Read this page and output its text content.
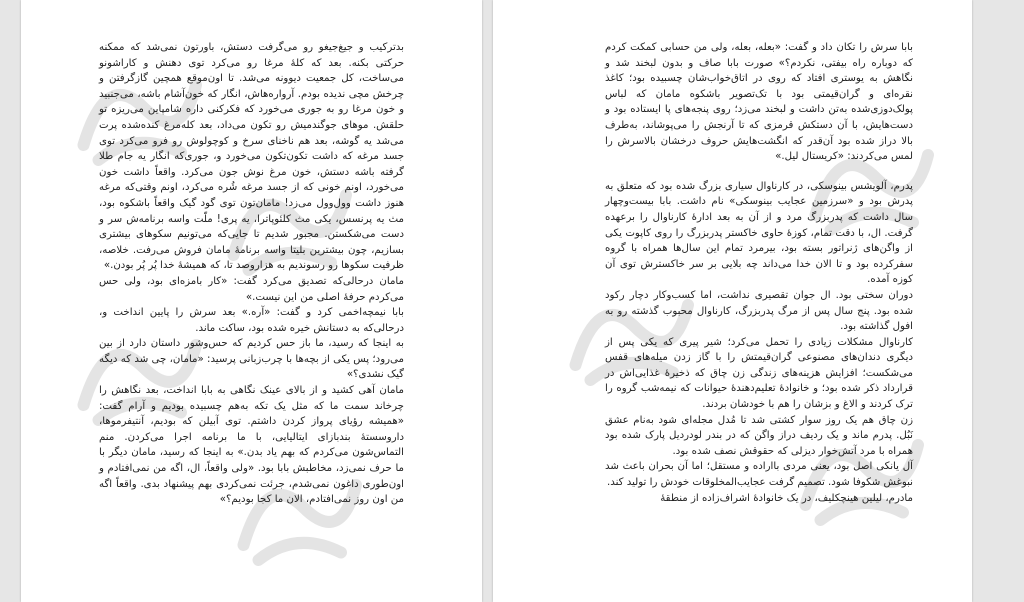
بدترکیب و جیغ‌جیغو رو می‌گرفت دستش، باورتون نمی‌شد که ممکنه حرکتی بکنه. بعد که کلهٔ مرغا رو می‌کرد توی دهنش و کاراشونو می‌ساخت، کل جمعیت دیوونه می‌شد. تا اون‌موقع همچین گازگرفتن و چرخش مچی ندیده بودم. آرواره‌هاش، انگار که خون‌آشام باشه، می‌جنبید و خون مرغا رو به جوری می‌خورد که فکرکنی داره شامپاین می‌ریزه تو حلقش. موهای جوگندمیش رو تکون می‌داد، بعد کله‌مرغ کنده‌شده پرت می‌شد یه گوشه، بعد هم ناخنای سرخ و کوچولوش رو فرو می‌کرد توی جسد مرغه که داشت تکون‌تکون می‌خورد و، جوری‌که انگار یه جام طلا گرفته باشه دستش، خون مرغ نوش جون می‌کرد. واقعاً داشت خون می‌خورد، اونم خونی که از جسد مرغه شُره می‌کرد، اونم وقتی‌که مرغه هنوز داشت وول‌وول می‌زد! مامان‌تون توی گود گیک واقعاً باشکوه بود، مث یه پرنسس، یکی مث کلئوپاترا، یه پری! ملّت واسه برنامه‌ش سر و دست می‌شکستن. مجبور شدیم تا جایی‌که می‌تونیم سکوهای بیشتری بسازیم، چون بیشترین بلیتا واسه برنامهٔ مامان فروش می‌رفت. خلاصه، ظرفیت سکوها رو رسوندیم به هزاروصد تا، که همیشهٔ خدا پُر پُر بودن.»

مامان درحالی‌که تصدیق می‌کرد گفت: «کار بامزه‌ای بود، ولی حس می‌کردم حرفهٔ اصلی من این نیست.»

بابا نیمچه‌اخمی کرد و گفت: «آره.» بعد سرش را پایین انداخت و، درحالی‌که به دستانش خیره شده بود، ساکت ماند.

به اینجا که رسید، ما باز حس کردیم که حس‌وشور داستان دارد از بین می‌رود؛ پس یکی از بچه‌ها با چرب‌زبانی پرسید: «مامان، چی شد که دیگه گیک نشدی؟»

مامان آهی کشید و از بالای عینک نگاهی به بابا انداخت، بعد نگاهش را چرخاند سمت ما که مثل یک تکه به‌هم چسبیده بودیم و آرام گفت: «همیشه رؤیای پرواز کردن داشتم. توی آبیلن که بودیم، آنتیفرموها، داروسستهٔ بندبازای ایتالیایی، با ما برنامه اجرا می‌کردن. منم التماس‌شون می‌کردم که بهم یاد بدن.» به اینجا که رسید، مامان دیگر با ما حرف نمی‌زد، مخاطبش بابا بود. «ولی واقعاً، ال، اگه من نمی‌افتادم و اون‌طوری داغون نمی‌شدم، جرئت نمی‌کردی بهم پیشنهاد بدی. واقعاً اگه من اون روز نمی‌افتادم، الان ما کجا بودیم؟»

بابا سرش را تکان داد و گفت: «بعله، بعله، ولی من حسابی کمکت کردم که دوباره راه بیفتی، نکردم؟» صورت بابا صاف و بدون لبخند شد و نگاهش به یوستری افتاد که روی در اتاق‌خواب‌شان چسبیده بود؛ کاغذ نقره‌ای و گران‌قیمتی بود با تک‌تصویر باشکوه مامان که لباس پولک‌دوزی‌شده به‌تن داشت و لبخند می‌زد؛ روی پنجه‌های پا ایستاده بود و دست‌هایش، با آن دستکش قرمزی که تا آرنجش را می‌پوشاند، به‌طرف بالا دراز شده بود آن‌قدر که انگشت‌هایش حروف درخشان بالاسرش را لمس می‌کردند: «کریستال لیل.»

پدرم، آلویشس بینوسکی، در کارناوال سیاری بزرگ شده بود که متعلق به پدرش بود و «سرزمین عجایب بینوسکی» نام داشت. بابا بیست‌وچهار سال داشت که پدربزرگ مرد و از آن به بعد ادارهٔ کارناوال را برعهده گرفت. ال، با دقت تمام، کوزهٔ حاوی خاکستر پدربزرگ را روی کاپوت یکی از واگن‌های ژنراتور بسته بود، بیرمرد تمام این سال‌ها همراه با گروه سفرکرده بود و تا الان خدا می‌داند چه بلایی بر سر خاکسترش توی آن کوزه آمده.

دوران سختی بود. ال جوان تقصیری نداشت، اما کسب‌وکار دچار رکود شده بود. پنج سال پس از مرگ پدربزرگ، کارناوال محبوب گذشته رو به افول گذاشته بود.

کارناوال مشکلات زیادی را تحمل می‌کرد؛ شیر پیری که یکی پس از دیگری دندان‌های مصنوعی گران‌قیمتش را با گاز زدن میله‌های قفس می‌شکست؛ افزایش هزینه‌های زندگی زن چاق که ذخیرهٔ غذایی‌اش در قرارداد ذکر شده بود؛ و خانوادهٔ تعلیم‌دهندهٔ حیوانات که نیمه‌شب گروه را ترک کردند و الاغ و بزشان را هم با خودشان بردند.

زن چاق هم یک روز سوار کشتی شد تا مُدل مجله‌ای شود به‌نام عشق نَبُل. پدرم ماند و یک ردیف دراز واگن که در بندر لودردیل پارک شده بود همراه با مرد آتش‌خوار دیزلی که حقوقش نصف شده بود.

آل یانکی اصل بود، یعنی مردی بااراده و مستقل؛ اما آن بحران باعث شد نبوغش شکوفا شود. تصمیم گرفت عجایب‌المخلوقات خودش را تولید کند.

مادرم، لیلین هینچکلیف، در یک خانوادهٔ اشراف‌زاده از منطقهٔ
